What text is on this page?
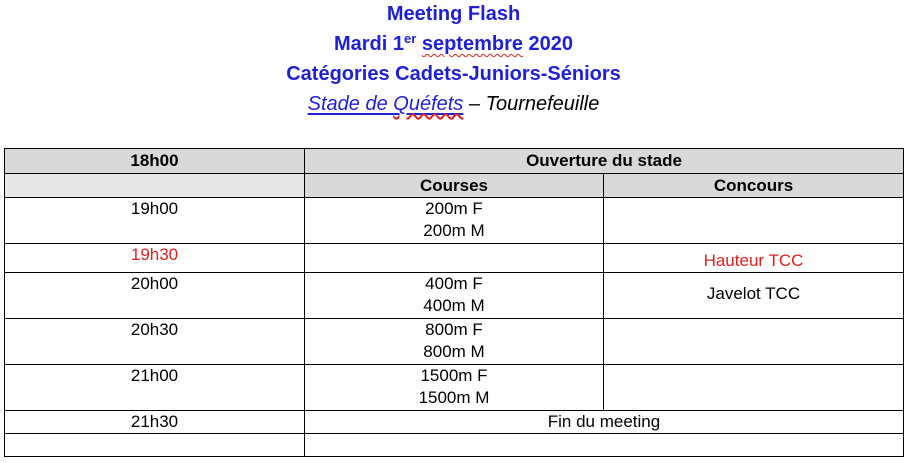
Meeting Flash
Mardi 1er septembre 2020
Catégories Cadets-Juniors-Séniors
Stade de Quéfets – Tournefeuille
18h00	Ouverture du stade	
	Courses	Concours
19h00	200m F
200m M	

19h30		Hauteur TCC

20h00	400m F
400m M	Javelot TCC

20h30	800m F
800m M	

21h00	1500m F
1500m M	

21h30	Fin du meeting	
